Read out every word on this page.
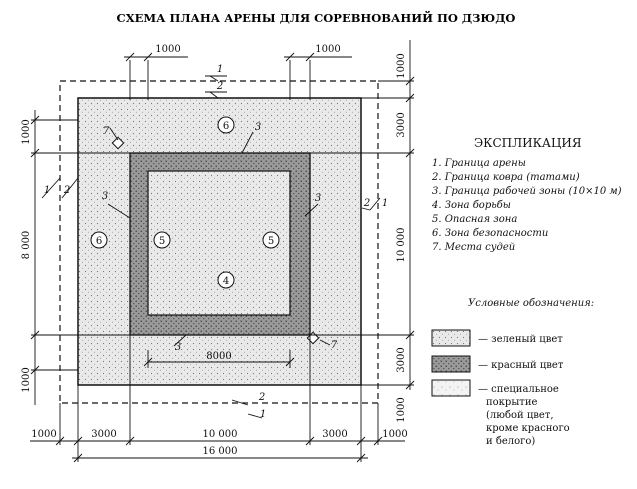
СХЕМА ПЛАНА АРЕНЫ ДЛЯ СОРЕВНОВАНИЙ ПО ДЗЮДО
1000	1000
1000
3000
10 000
3000
1000
1000
8 000
1000
8000
1000	3000	10 000	3000	1000
16 000
1
2
1 2
1
2
2
1
3
3	3
3
7
7
6
6	5	5
4
ЭКСПЛИКАЦИЯ
1. Граница арены
2. Граница ковра (татами)
3. Граница рабочей зоны (10×10 м)
4. Зона борьбы
5. Опасная зона
6. Зона безопасности
7. Места судей
Условные обозначения:
— зеленый цвет
— красный цвет
— специальное
покрытие
(любой цвет,
кроме красного
и белого)
